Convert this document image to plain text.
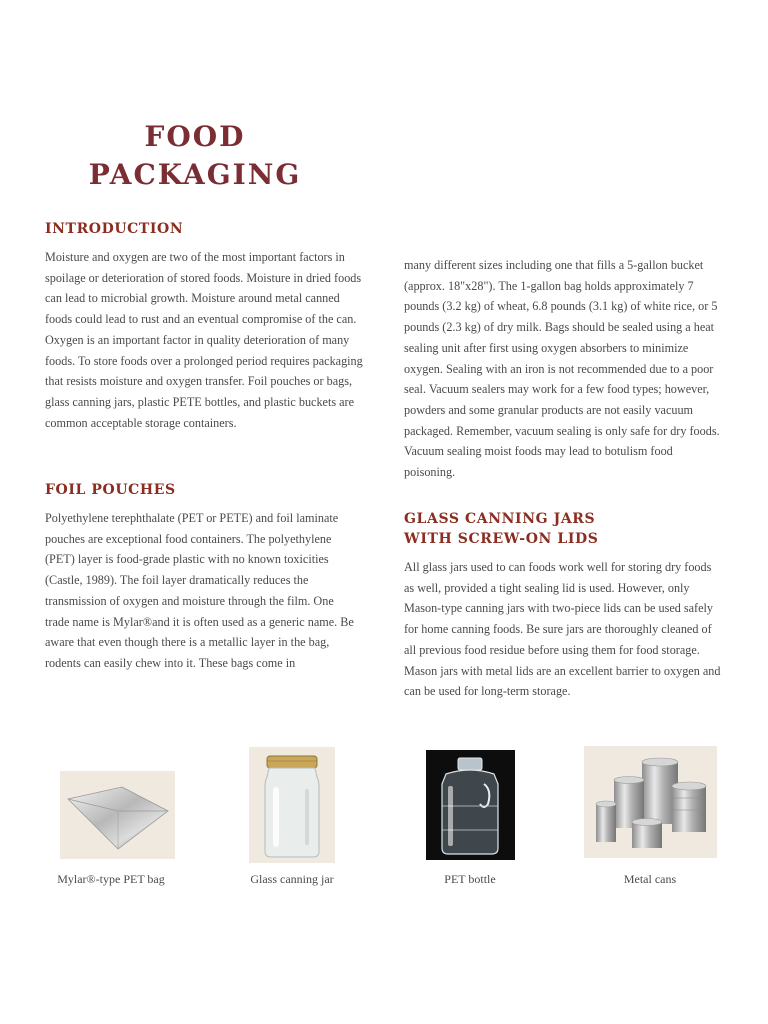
FOOD
PACKAGING
INTRODUCTION

Moisture and oxygen are two of the most important factors in spoilage or deterioration of stored foods. Moisture in dried foods can lead to microbial growth. Moisture around metal canned foods could lead to rust and an eventual compromise of the can. Oxygen is an important factor in quality deterioration of many foods. To store foods over a prolonged period requires packaging that resists moisture and oxygen transfer. Foil pouches or bags, glass canning jars, plastic PETE bottles, and plastic buckets are common acceptable storage containers.

FOIL POUCHES

Polyethylene terephthalate (PET or PETE) and foil laminate pouches are exceptional food containers. The polyethylene (PET) layer is food-grade plastic with no known toxicities (Castle, 1989). The foil layer dramatically reduces the transmission of oxygen and moisture through the film. One trade name is Mylar®and it is often used as a generic name. Be aware that even though there is a metallic layer in the bag, rodents can easily chew into it. These bags come in

many different sizes including one that fills a 5-gallon bucket (approx. 18"x28"). The 1-gallon bag holds approximately 7 pounds (3.2 kg) of wheat, 6.8 pounds (3.1 kg) of white rice, or 5 pounds (2.3 kg) of dry milk. Bags should be sealed using a heat sealing unit after first using oxygen absorbers to minimize oxygen. Sealing with an iron is not recommended due to a poor seal. Vacuum sealers may work for a few food types; however, powders and some granular products are not easily vacuum packaged. Remember, vacuum sealing is only safe for dry foods. Vacuum sealing moist foods may lead to botulism food poisoning.

GLASS CANNING JARS
WITH SCREW-ON LIDS

All glass jars used to can foods work well for storing dry foods as well, provided a tight sealing lid is used. However, only Mason-type canning jars with two-piece lids can be used safely for home canning foods. Be sure jars are thoroughly cleaned of all previous food residue before using them for food storage. Mason jars with metal lids are an excellent barrier to oxygen and can be used for long-term storage.

Mylar®-type PET bag	Glass canning jar	PET bottle	Metal cans
